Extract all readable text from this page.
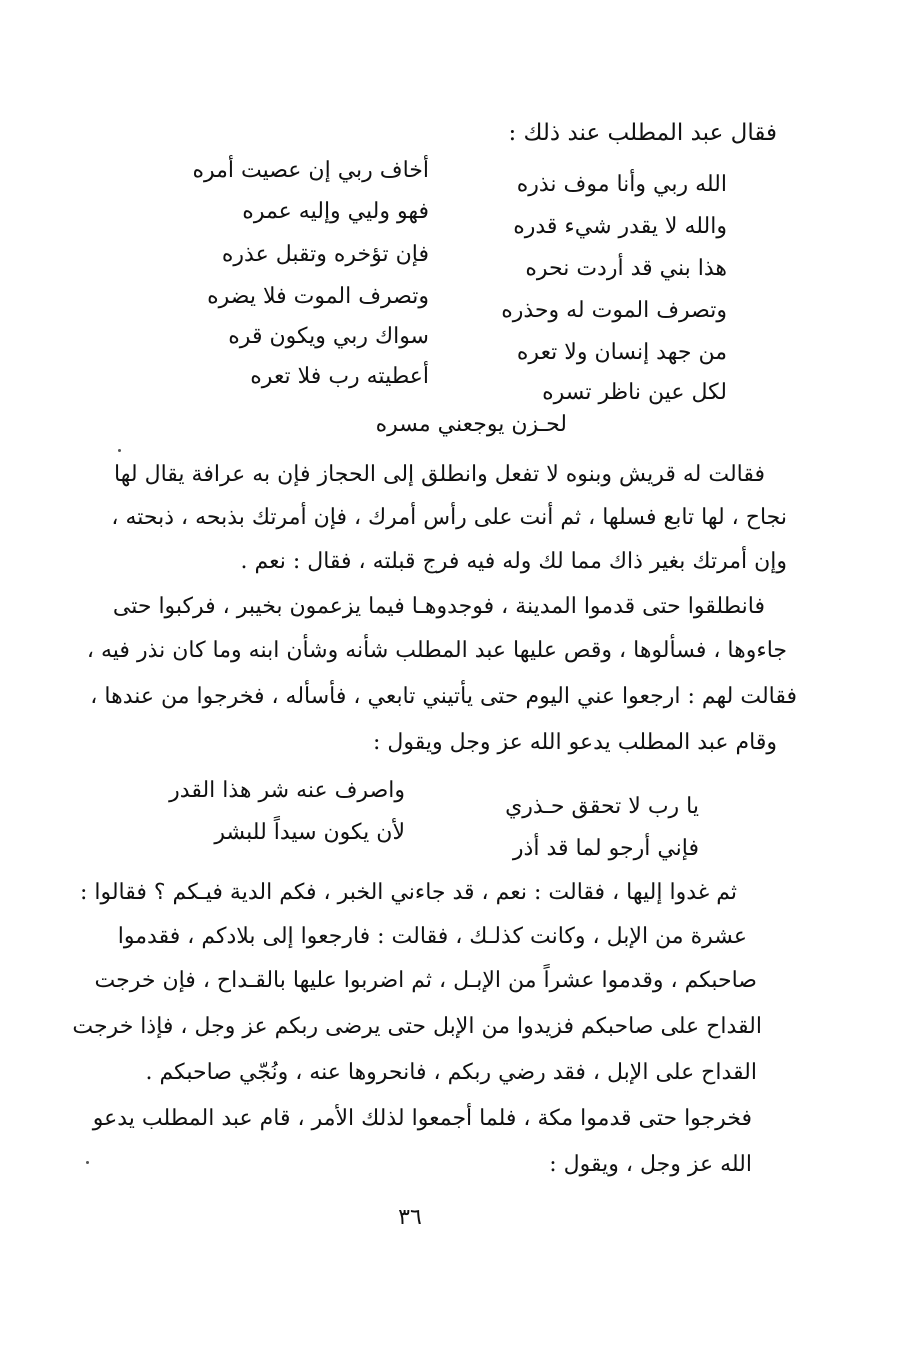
فقال عبد المطلب عند ذلك :
الله ربي وأنا موف نذره
والله لا يقدر شيء قدره
هذا بني قد أردت نحره
وتصرف الموت له وحذره
من جهد إنسان ولا تعره
لكل عين ناظر تسره
أخاف ربي إن عصيت أمره
فهو وليي وإليه عمره
فإن تؤخره وتقبل عذره
وتصرف الموت فلا يضره
سواك ربي ويكون قره
أعطيته رب فلا تعره
لحـزن يوجعني مسره
فقالت له قريش وبنوه لا تفعل وانطلق إلى الحجاز فإن به عرافة يقال لها
نجاح ، لها تابع فسلها ، ثم أنت على رأس أمرك ، فإن أمرتك بذبحه ، ذبحته ،
وإن أمرتك بغير ذاك مما لك وله فيه فرج قبلته ، فقال : نعم .
فانطلقوا حتى قدموا المدينة ، فوجدوهـا فيما يزعمون بخيبر ، فركبوا حتى
جاءوها ، فسألوها ، وقص عليها عبد المطلب شأنه وشأن ابنه وما كان نذر فيه ،
فقالت لهم : ارجعوا عني اليوم حتى يأتيني تابعي ، فأسأله ، فخرجوا من عندها ،
وقام عبد المطلب يدعو الله عز وجل ويقول :
يا رب لا تحقق حـذري
فإني أرجو لما قد أذر
واصرف عنه شر هذا القدر
لأن يكون سيداً للبشر
ثم غدوا إليها ، فقالت : نعم ، قد جاءني الخبر ، فكم الدية فيـكم ؟ فقالوا :
عشرة من الإبل ، وكانت كذلـك ، فقالت : فارجعوا إلى بلادكم ، فقدموا
صاحبكم ، وقدموا عشراً من الإبـل ، ثم اضربوا عليها بالقـداح ، فإن خرجت
القداح على صاحبكم فزيدوا من الإبل حتى يرضى ربكم عز وجل ، فإذا خرجت
القداح على الإبل ، فقد رضي ربكم ، فانحروها عنه ، ونُجّي صاحبكم .
فخرجوا حتى قدموا مكة ، فلما أجمعوا لذلك الأمر ، قام عبد المطلب يدعو
الله عز وجل ، ويقول :
٣٦
